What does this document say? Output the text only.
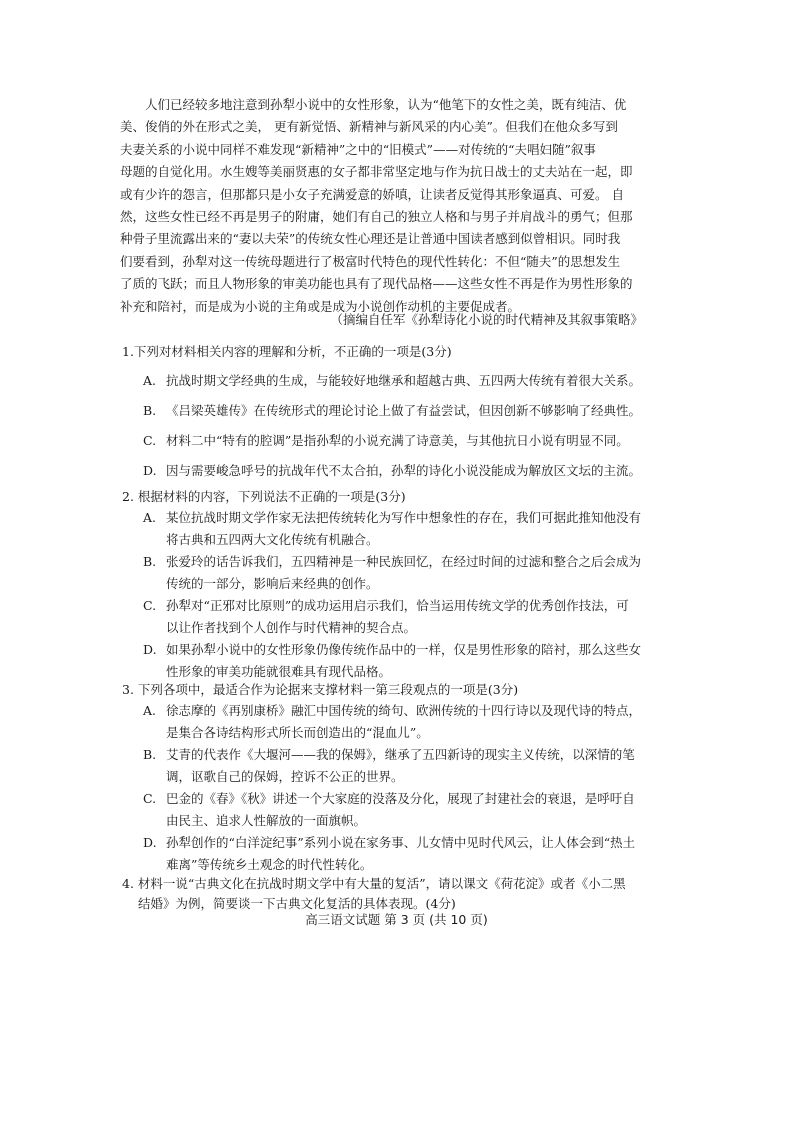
人们已经较多地注意到孙犁小说中的女性形象，认为“他笔下的女性之美，既有纯洁、优
美、俊俏的外在形式之美， 更有新觉悟、新精神与新风采的内心美”。但我们在他众多写到
夫妻关系的小说中同样不难发现“新精神”之中的“旧模式”——对传统的“夫唱妇随”叙事
母题的自觉化用。水生嫂等美丽贤惠的女子都非常坚定地与作为抗日战士的丈夫站在一起，即
或有少许的怨言，但那都只是小女子充满爱意的娇嗔，让读者反觉得其形象逼真、可爱。 自
然，这些女性已经不再是男子的附庸，她们有自己的独立人格和与男子并肩战斗的勇气；但那
种骨子里流露出来的“妻以夫荣”的传统女性心理还是让普通中国读者感到似曾相识。同时我
们要看到，孙犁对这一传统母题进行了极富时代特色的现代性转化：不但“随夫”的思想发生
了质的飞跃；而且人物形象的审美功能也具有了现代品格——这些女性不再是作为男性形象的
补充和陪衬，而是成为小说的主角或是成为小说创作动机的主要促成者。
（摘编自任军《孙犁诗化小说的时代精神及其叙事策略》
1.下列对材料相关内容的理解和分析，不正确的一项是(3分)
A. 抗战时期文学经典的生成，与能较好地继承和超越古典、五四两大传统有着很大关系。
B. 《吕梁英雄传》在传统形式的理论讨论上做了有益尝试，但因创新不够影响了经典性。
C. 材料二中“特有的腔调”是指孙犁的小说充满了诗意美，与其他抗日小说有明显不同。
D. 因与需要峻急呼号的抗战年代不太合拍，孙犁的诗化小说没能成为解放区文坛的主流。
2. 根据材料的内容，下列说法不正确的一项是(3分)
A. 某位抗战时期文学作家无法把传统转化为写作中想象性的存在，我们可据此推知他没有
将古典和五四两大文化传统有机融合。
B. 张爱玲的话告诉我们，五四精神是一种民族回忆，在经过时间的过滤和整合之后会成为
传统的一部分，影响后来经典的创作。
C. 孙犁对“正邪对比原则”的成功运用启示我们，恰当运用传统文学的优秀创作技法，可
以让作者找到个人创作与时代精神的契合点。
D. 如果孙犁小说中的女性形象仍像传统作品中的一样，仅是男性形象的陪衬，那么这些女
性形象的审美功能就很难具有现代品格。
3. 下列各项中，最适合作为论据来支撑材料一第三段观点的一项是(3分)
A. 徐志摩的《再别康桥》融汇中国传统的绮句、欧洲传统的十四行诗以及现代诗的特点，
是集合各诗结构形式所长而创造出的“混血儿”。
B. 艾青的代表作《大堰河——我的保姆》，继承了五四新诗的现实主义传统，以深情的笔
调，讴歌自己的保姆，控诉不公正的世界。
C. 巴金的《春》《秋》讲述一个大家庭的没落及分化，展现了封建社会的衰退，是呼吁自
由民主、追求人性解放的一面旗帜。
D. 孙犁创作的“白洋淀纪事”系列小说在家务事、儿女情中见时代风云，让人体会到“热土
难离”等传统乡土观念的时代性转化。
4. 材料一说“古典文化在抗战时期文学中有大量的复活”，请以课文《荷花淀》或者《小二黑
结婚》为例，简要谈一下古典文化复活的具体表现。(4分)
高三语文试题 第 3 页 (共 10 页)
